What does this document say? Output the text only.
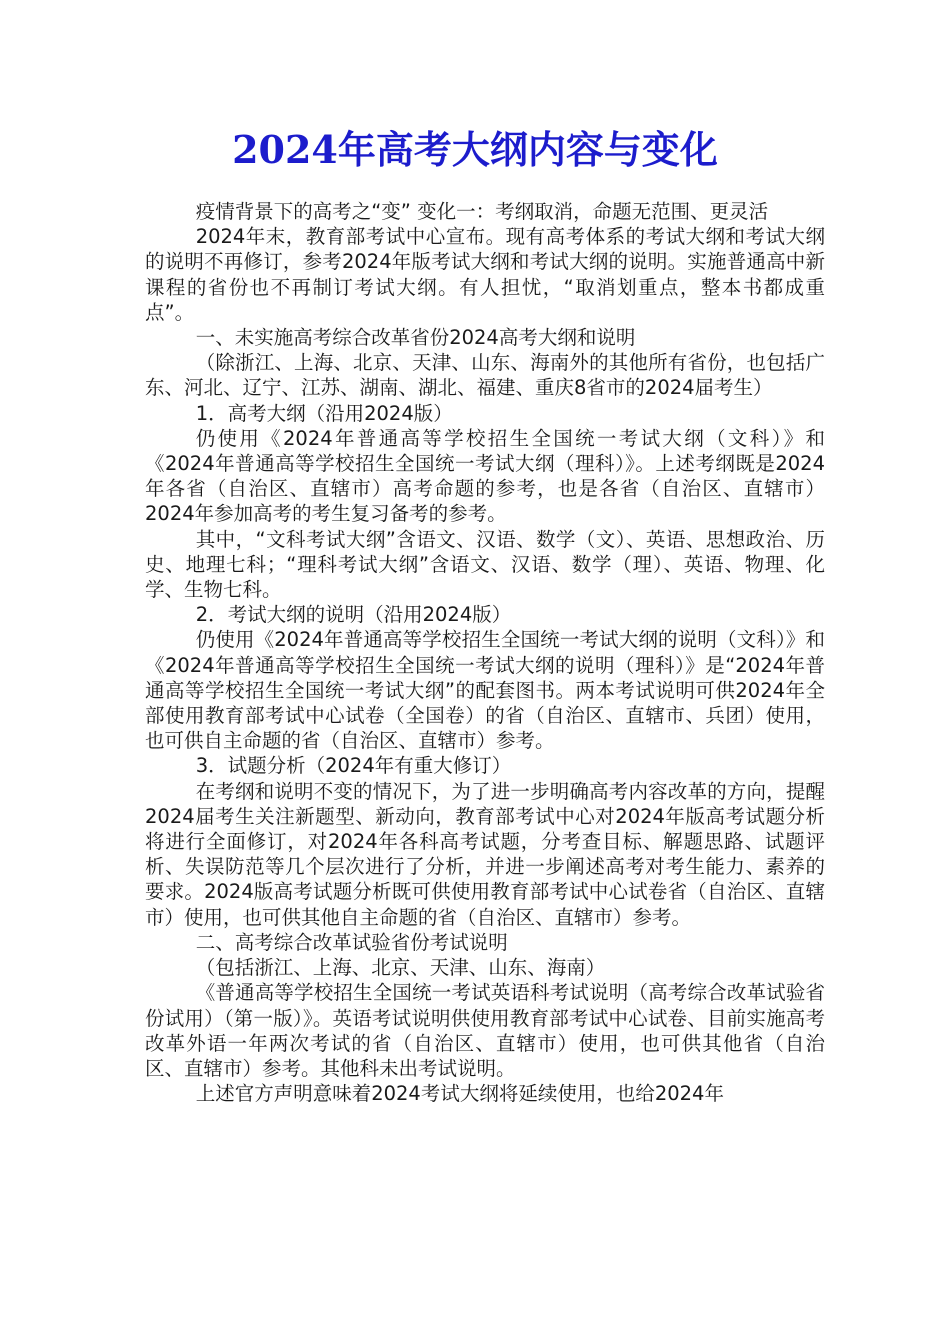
2024年高考大纲内容与变化

疫情背景下的高考之“变” 变化一：考纲取消，命题无范围、更灵活

2024年末，教育部考试中心宣布。现有高考体系的考试大纲和考试大纲的说明不再修订，参考2024年版考试大纲和考试大纲的说明。实施普通高中新课程的省份也不再制订考试大纲。有人担忧，“取消划重点，整本书都成重点”。

一、未实施高考综合改革省份2024高考大纲和说明

（除浙江、上海、北京、天津、山东、海南外的其他所有省份，也包括广东、河北、辽宁、江苏、湖南、湖北、福建、重庆8省市的2024届考生）

1．高考大纲（沿用2024版）

仍使用《2024年普通高等学校招生全国统一考试大纲（文科）》和《2024年普通高等学校招生全国统一考试大纲（理科）》。上述考纲既是2024年各省（自治区、直辖市）高考命题的参考，也是各省（自治区、直辖市）2024年参加高考的考生复习备考的参考。

其中，“文科考试大纲”含语文、汉语、数学（文）、英语、思想政治、历史、地理七科；“理科考试大纲”含语文、汉语、数学（理）、英语、物理、化学、生物七科。

2．考试大纲的说明（沿用2024版）

仍使用《2024年普通高等学校招生全国统一考试大纲的说明（文科）》和《2024年普通高等学校招生全国统一考试大纲的说明（理科）》是“2024年普通高等学校招生全国统一考试大纲”的配套图书。两本考试说明可供2024年全部使用教育部考试中心试卷（全国卷）的省（自治区、直辖市、兵团）使用，也可供自主命题的省（自治区、直辖市）参考。

3．试题分析（2024年有重大修订）

在考纲和说明不变的情况下，为了进一步明确高考内容改革的方向，提醒2024届考生关注新题型、新动向，教育部考试中心对2024年版高考试题分析将进行全面修订，对2024年各科高考试题，分考查目标、解题思路、试题评析、失误防范等几个层次进行了分析，并进一步阐述高考对考生能力、素养的要求。2024版高考试题分析既可供使用教育部考试中心试卷省（自治区、直辖市）使用，也可供其他自主命题的省（自治区、直辖市）参考。

二、高考综合改革试验省份考试说明

（包括浙江、上海、北京、天津、山东、海南）

《普通高等学校招生全国统一考试英语科考试说明（高考综合改革试验省份试用）（第一版）》。英语考试说明供使用教育部考试中心试卷、目前实施高考改革外语一年两次考试的省（自治区、直辖市）使用，也可供其他省（自治区、直辖市）参考。其他科未出考试说明。

上述官方声明意味着2024考试大纲将延续使用，也给2024年
